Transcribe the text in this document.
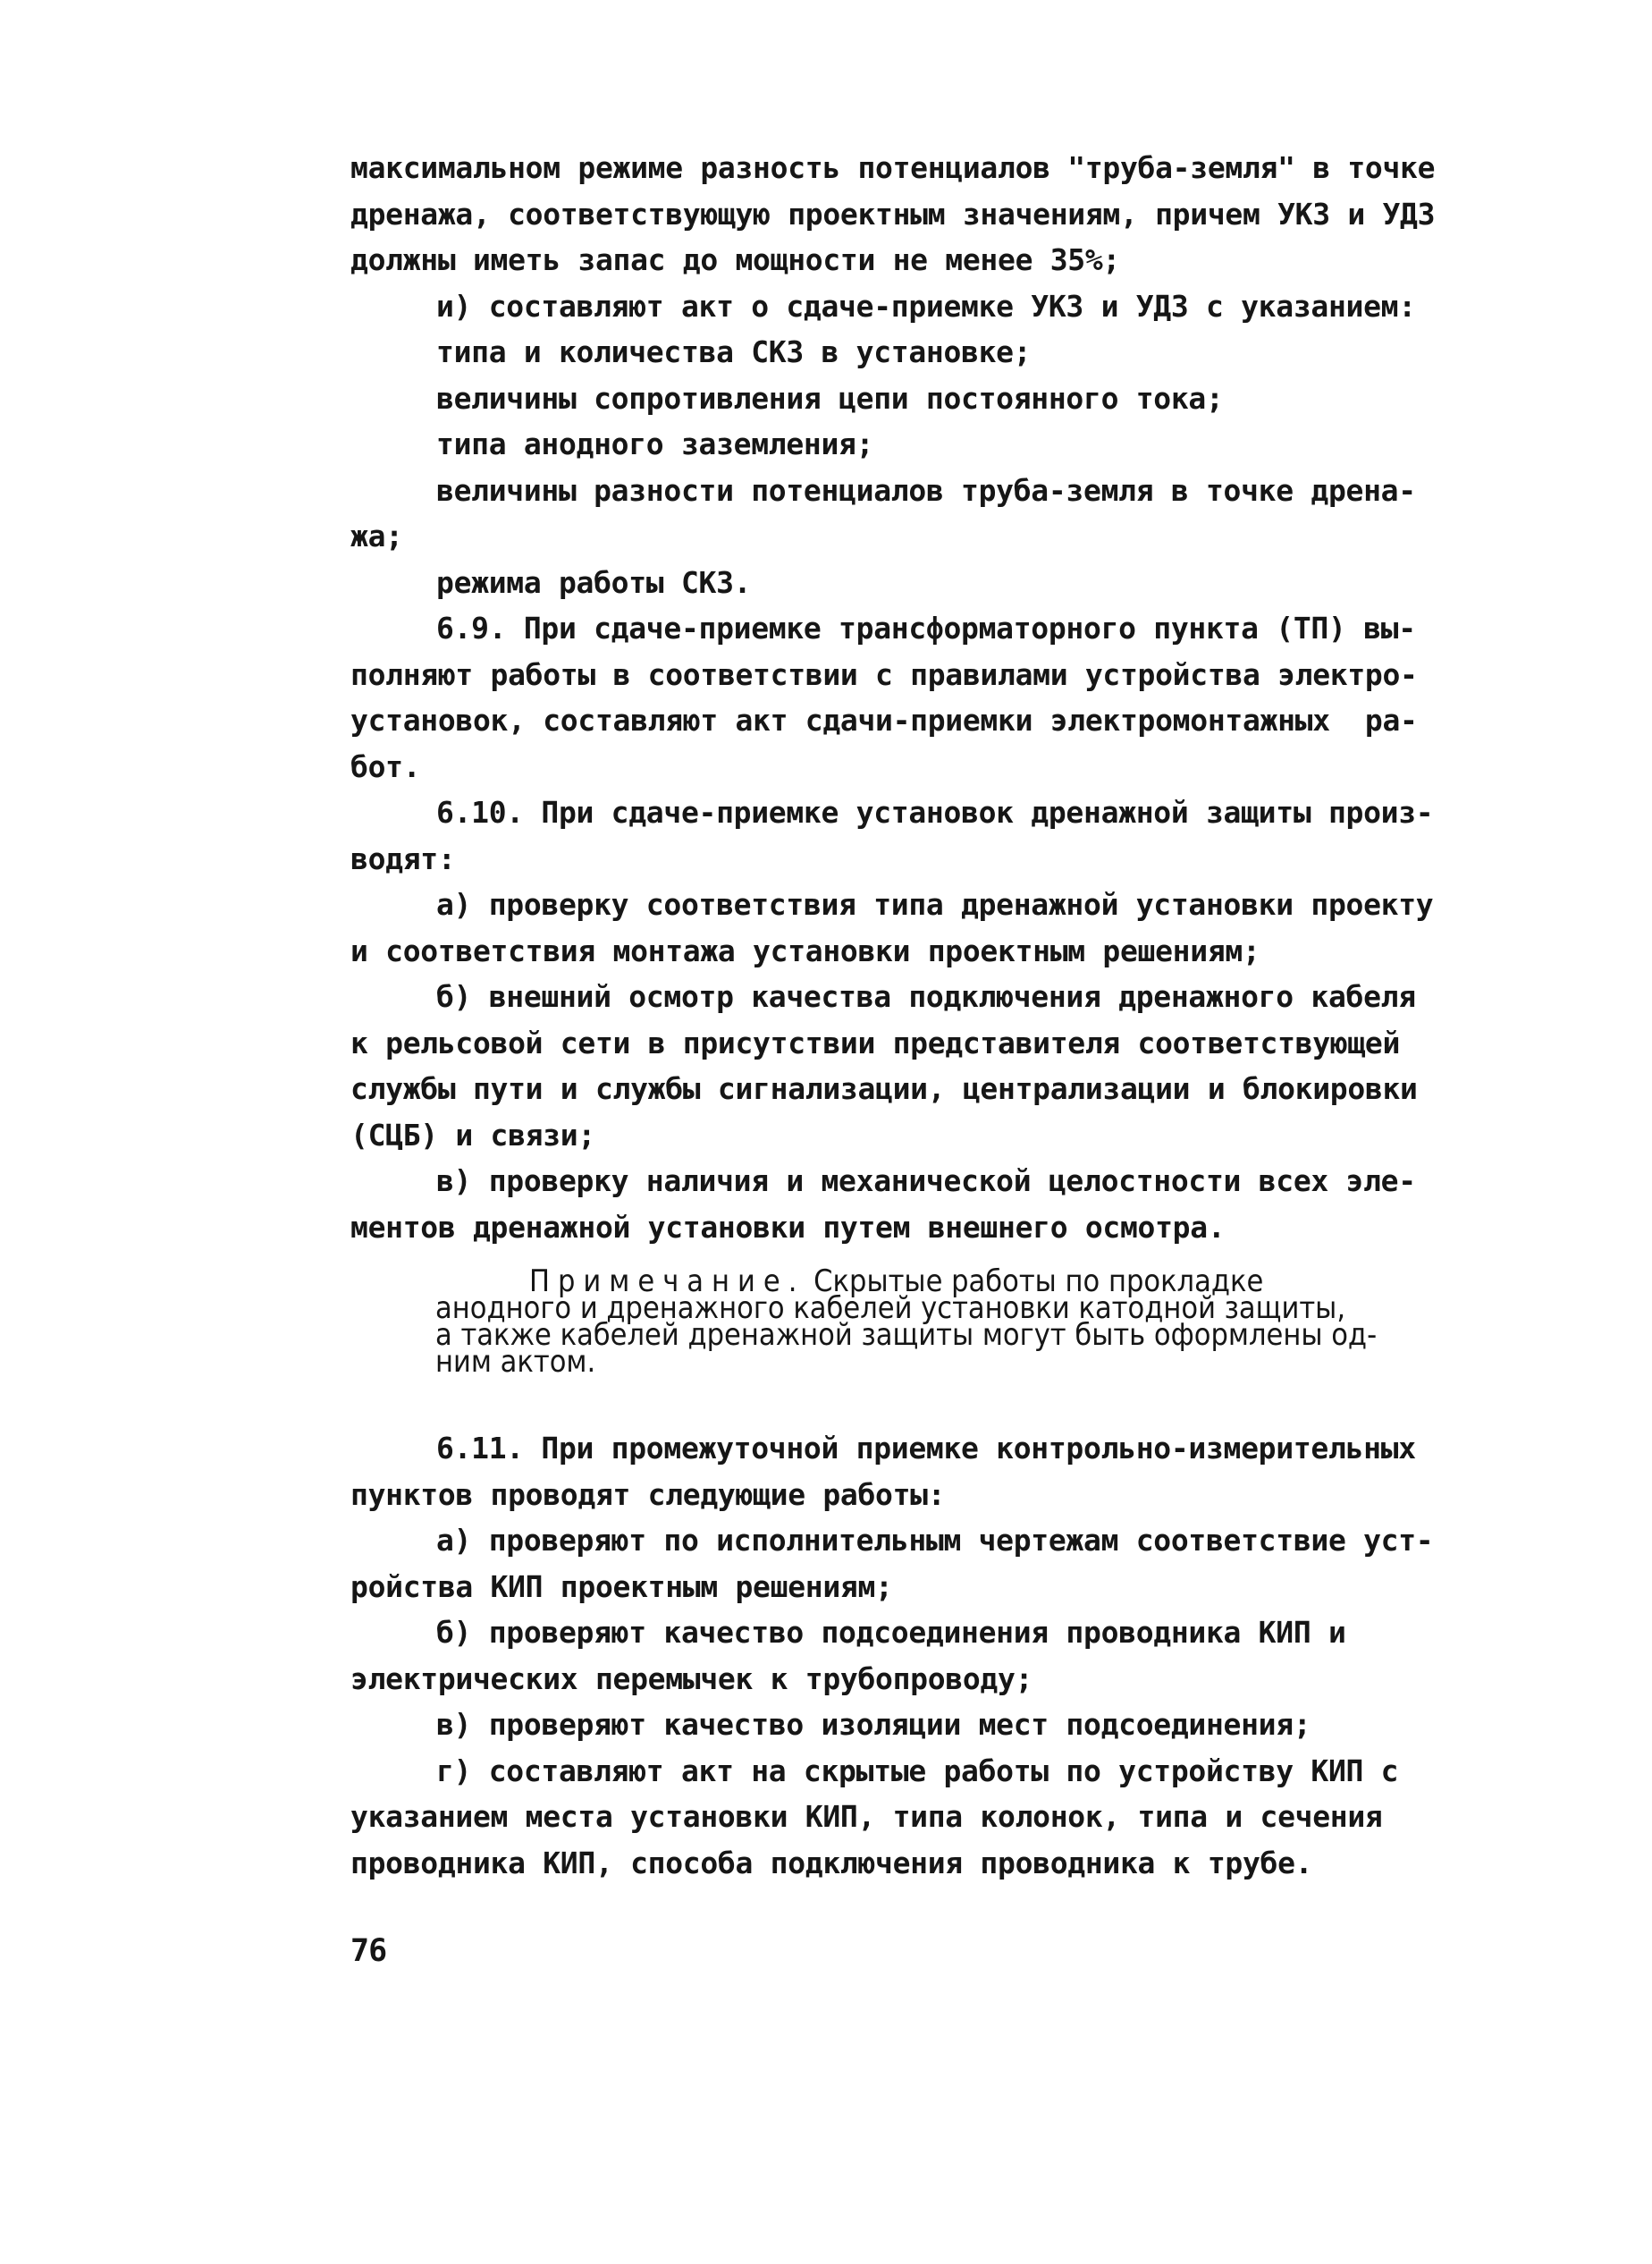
максимальном режиме разность потенциалов "труба-земля" в точке
дренажа, соответствующую проектным значениям, причем УКЗ и УДЗ
должны иметь запас до мощности не менее 35%;
и) составляют акт о сдаче-приемке УКЗ и УДЗ с указанием:
типа и количества СКЗ в установке;
величины сопротивления цепи постоянного тока;
типа анодного заземления;
величины разности потенциалов труба-земля в точке дрена-
жа;
режима работы СКЗ.
6.9. При сдаче-приемке трансформаторного пункта (ТП) вы-
полняют работы в соответствии с правилами устройства электро-
установок, составляют акт сдачи-приемки электромонтажных  ра-
бот.
6.10. При сдаче-приемке установок дренажной защиты произ-
водят:
а) проверку соответствия типа дренажной установки проекту
и соответствия монтажа установки проектным решениям;
б) внешний осмотр качества подключения дренажного кабеля
к рельсовой сети в присутствии представителя соответствующей
службы пути и службы сигнализации, централизации и блокировки
(СЦБ) и связи;
в) проверку наличия и механической целостности всех эле-
ментов дренажной установки путем внешнего осмотра.
Примечание. Скрытые работы по прокладке
анодного и дренажного кабелей установки катодной защиты,
а также кабелей дренажной защиты могут быть оформлены од-
ним актом.
6.11. При промежуточной приемке контрольно-измерительных
пунктов проводят следующие работы:
а) проверяют по исполнительным чертежам соответствие уст-
ройства КИП проектным решениям;
б) проверяют качество подсоединения проводника КИП и
электрических перемычек к трубопроводу;
в) проверяют качество изоляции мест подсоединения;
г) составляют акт на скрытые работы по устройству КИП с
указанием места установки КИП, типа колонок, типа и сечения
проводника КИП, способа подключения проводника к трубе.
76
